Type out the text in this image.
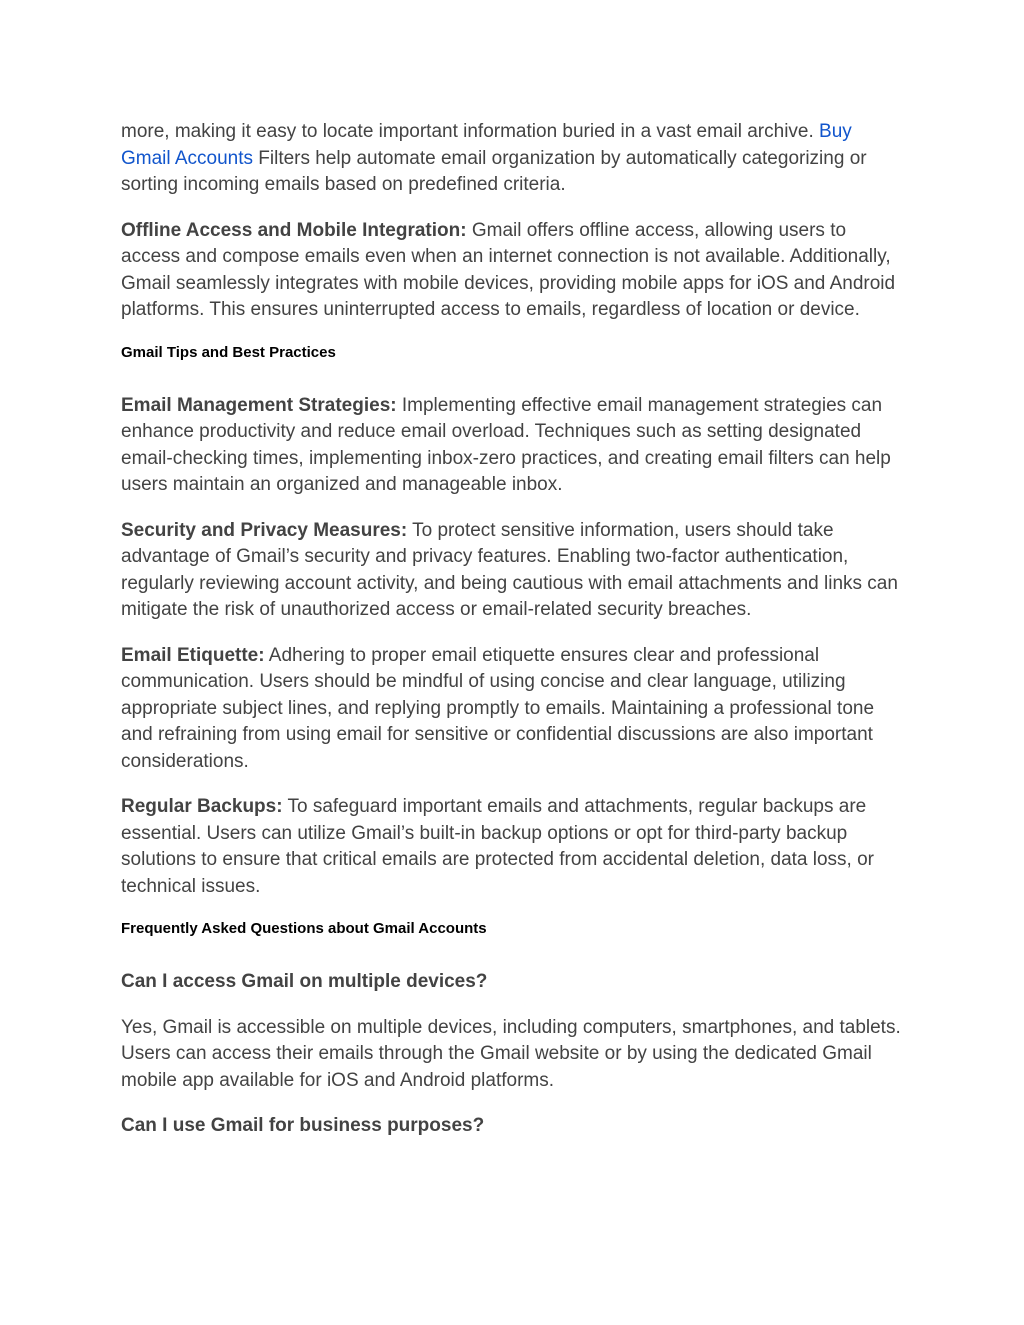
more, making it easy to locate important information buried in a vast email archive. Buy Gmail Accounts Filters help automate email organization by automatically categorizing or sorting incoming emails based on predefined criteria.

Offline Access and Mobile Integration: Gmail offers offline access, allowing users to access and compose emails even when an internet connection is not available. Additionally, Gmail seamlessly integrates with mobile devices, providing mobile apps for iOS and Android platforms. This ensures uninterrupted access to emails, regardless of location or device.

Gmail Tips and Best Practices

Email Management Strategies: Implementing effective email management strategies can enhance productivity and reduce email overload. Techniques such as setting designated email-checking times, implementing inbox-zero practices, and creating email filters can help users maintain an organized and manageable inbox.

Security and Privacy Measures: To protect sensitive information, users should take advantage of Gmail’s security and privacy features. Enabling two-factor authentication, regularly reviewing account activity, and being cautious with email attachments and links can mitigate the risk of unauthorized access or email-related security breaches.

Email Etiquette: Adhering to proper email etiquette ensures clear and professional communication. Users should be mindful of using concise and clear language, utilizing appropriate subject lines, and replying promptly to emails. Maintaining a professional tone and refraining from using email for sensitive or confidential discussions are also important considerations.

Regular Backups: To safeguard important emails and attachments, regular backups are essential. Users can utilize Gmail’s built-in backup options or opt for third-party backup solutions to ensure that critical emails are protected from accidental deletion, data loss, or technical issues.

Frequently Asked Questions about Gmail Accounts
Can I access Gmail on multiple devices?

Yes, Gmail is accessible on multiple devices, including computers, smartphones, and tablets. Users can access their emails through the Gmail website or by using the dedicated Gmail mobile app available for iOS and Android platforms.

Can I use Gmail for business purposes?
